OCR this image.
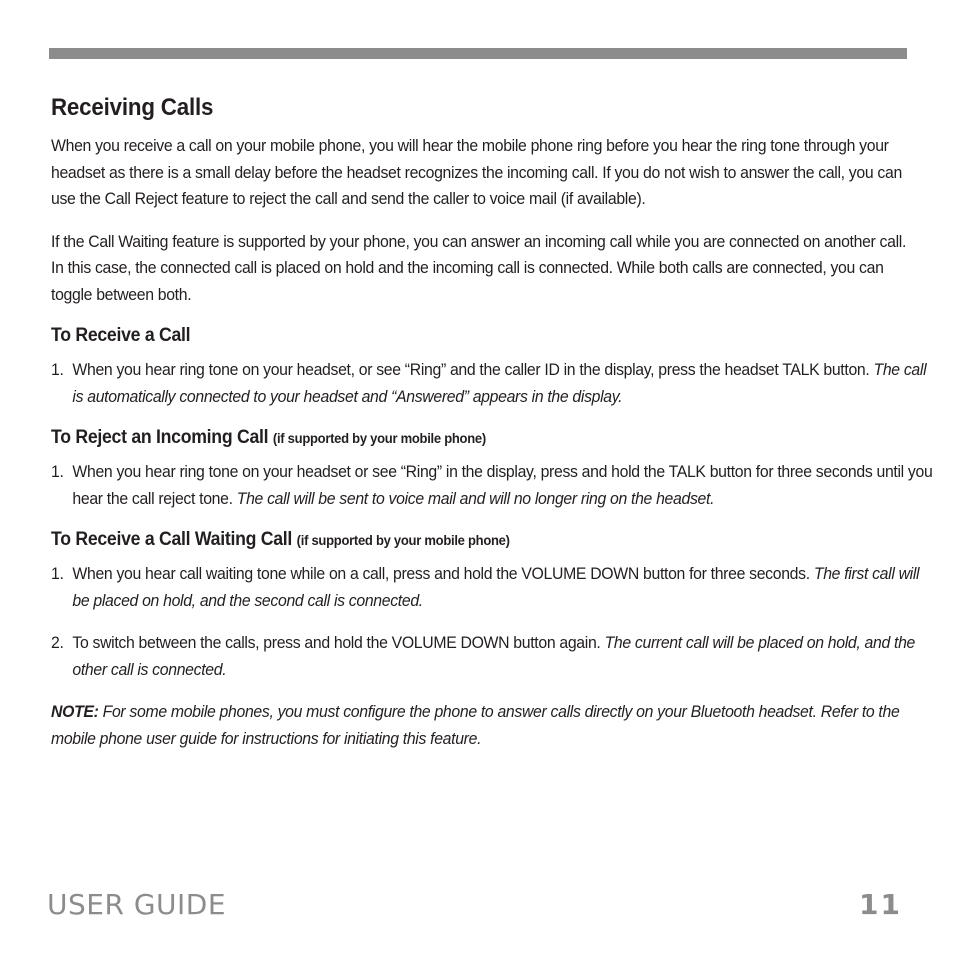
Receiving Calls

When you receive a call on your mobile phone, you will hear the mobile phone ring before you hear the ring tone through your headset as there is a small delay before the headset recognizes the incoming call. If you do not wish to answer the call, you can use the Call Reject feature to reject the call and send the caller to voice mail (if available).

If the Call Waiting feature is supported by your phone, you can answer an incoming call while you are connected on another call. In this case, the connected call is placed on hold and the incoming call is connected. While both calls are connected, you can toggle between both.

To Receive a Call
1. When you hear ring tone on your headset, or see “Ring” and the caller ID in the display, press the headset TALK button. The call is automatically connected to your headset and “Answered” appears in the display.
To Reject an Incoming Call (if supported by your mobile phone)
1. When you hear ring tone on your headset or see “Ring” in the display, press and hold the TALK button for three seconds until you hear the call reject tone. The call will be sent to voice mail and will no longer ring on the headset.
To Receive a Call Waiting Call (if supported by your mobile phone)
1. When you hear call waiting tone while on a call, press and hold the VOLUME DOWN button for three seconds. The first call will be placed on hold, and the second call is connected.
2. To switch between the calls, press and hold the VOLUME DOWN button again. The current call will be placed on hold, and the other call is connected.

NOTE: For some mobile phones, you must configure the phone to answer calls directly on your Bluetooth headset. Refer to the mobile phone user guide for instructions for initiating this feature.

USER GUIDE	11
